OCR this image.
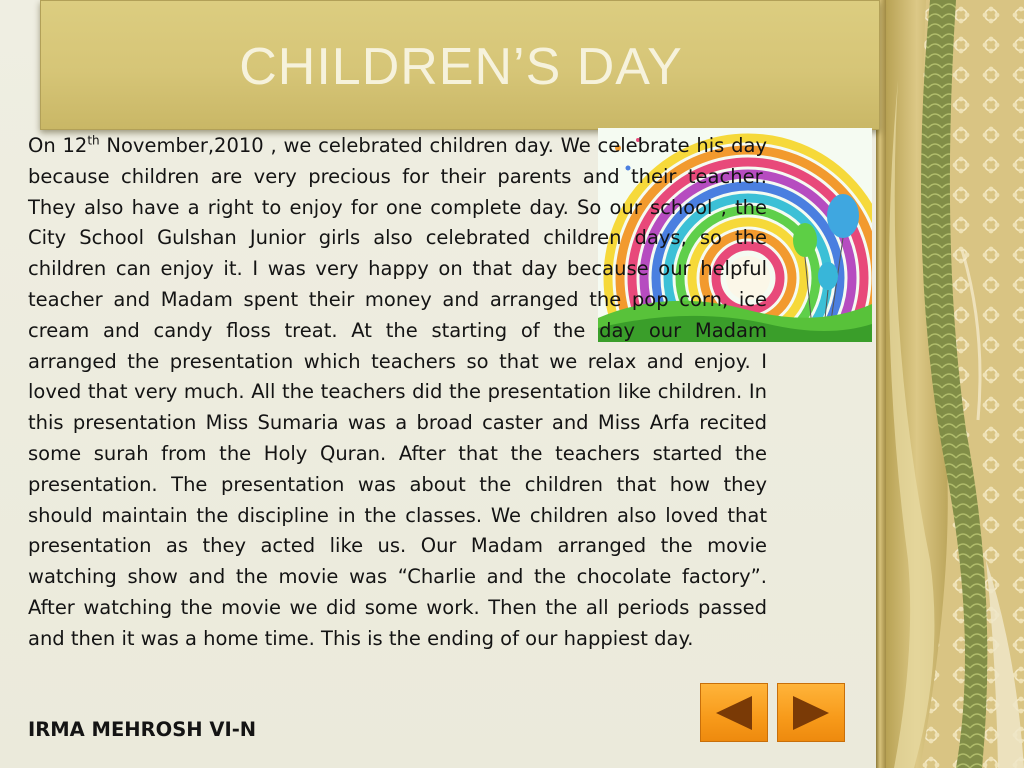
CHILDREN’S DAY

On 12th November,2010 , we celebrated children day. We celebrate his day because children are very precious for their parents and their teacher. They also have a right to enjoy for one complete day. So our school , the City School Gulshan Junior girls also celebrated children days, so the children can enjoy it. I was very happy on that day because our helpful teacher and Madam spent their money and arranged the pop corn, ice cream and candy floss treat. At the starting of the day our Madam arranged the presentation which teachers so that we relax and enjoy. I loved that very much. All the teachers did the presentation like children. In this presentation Miss Sumaria was a broad caster and Miss Arfa recited some surah from the Holy Quran. After that the teachers started the presentation. The presentation was about the children that how they should maintain the discipline in the classes. We children also loved that presentation as they acted like us. Our Madam arranged the movie watching show and the movie was “Charlie and the chocolate factory”. After watching the movie we did some work. Then the all periods passed and then it was a home time. This is the ending of our happiest day.

IRMA MEHROSH VI-N
